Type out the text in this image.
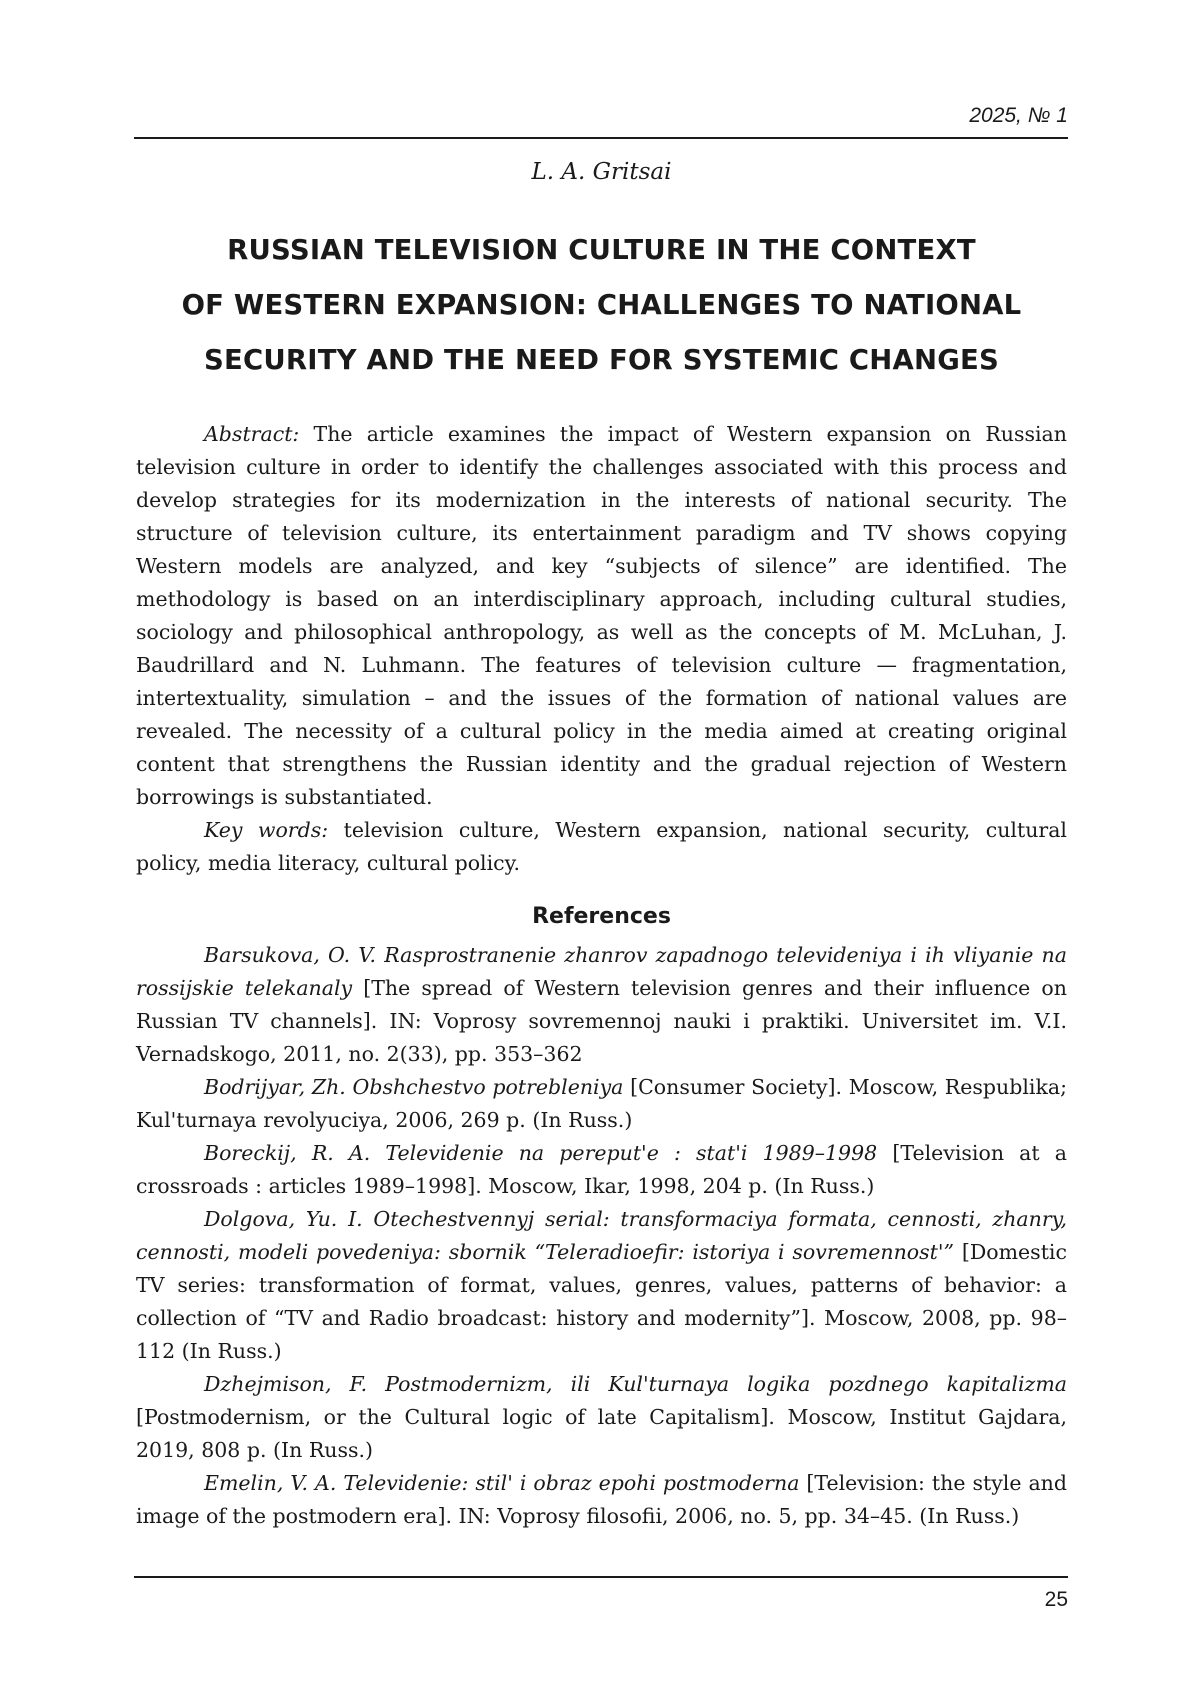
2025, № 1
L. A. Gritsai
RUSSIAN TELEVISION CULTURE IN THE CONTEXT
OF WESTERN EXPANSION: CHALLENGES TO NATIONAL
SECURITY AND THE NEED FOR SYSTEMIC CHANGES

Abstract: The article examines the impact of Western expansion on Russian television culture in order to identify the challenges associated with this process and develop strategies for its modernization in the interests of national security. The structure of television culture, its entertainment paradigm and TV shows copying Western models are analyzed, and key “subjects of silence” are identified. The methodology is based on an interdisciplinary approach, including cultural studies, sociology and philosophical anthropology, as well as the concepts of M. McLuhan, J. Baudrillard and N. Luhmann. The features of television culture — fragmentation, intertextuality, simulation – and the issues of the formation of national values are revealed. The necessity of a cultural policy in the media aimed at creating original content that strengthens the Russian identity and the gradual rejection of Western borrowings is substantiated.

Key words: television culture, Western expansion, national security, cultural policy, media literacy, cultural policy.

References

Barsukova, O. V. Rasprostranenie zhanrov zapadnogo televideniya i ih vliyanie na rossijskie telekanaly [The spread of Western television genres and their influence on Russian TV channels]. IN: Voprosy sovremennoj nauki i praktiki. Universitet im. V.I. Vernadskogo, 2011, no. 2(33), pp. 353–362

Bodrijyar, Zh. Obshchestvo potrebleniya [Consumer Society]. Moscow, Respublika; Kul'turnaya revolyuciya, 2006, 269 p. (In Russ.)

Boreckij, R. A. Televidenie na pereput'e : stat'i 1989–1998 [Television at a crossroads : articles 1989–1998]. Moscow, Ikar, 1998, 204 p. (In Russ.)

Dolgova, Yu. I. Otechestvennyj serial: transformaciya formata, cennosti, zhanry, cennosti, modeli povedeniya: sbornik “Teleradioefir: istoriya i sovremennost'” [Domestic TV series: transformation of format, values, genres, values, patterns of behavior: a collection of “TV and Radio broadcast: history and modernity”]. Moscow, 2008, pp. 98–112 (In Russ.)

Dzhejmison, F. Postmodernizm, ili Kul'turnaya logika pozdnego kapitalizma [Postmodernism, or the Cultural logic of late Capitalism]. Moscow, Institut Gajdara, 2019, 808 p. (In Russ.)

Emelin, V. A. Televidenie: stil' i obraz epohi postmoderna [Television: the style and image of the postmodern era]. IN: Voprosy filosofii, 2006, no. 5, pp. 34–45. (In Russ.)

25
